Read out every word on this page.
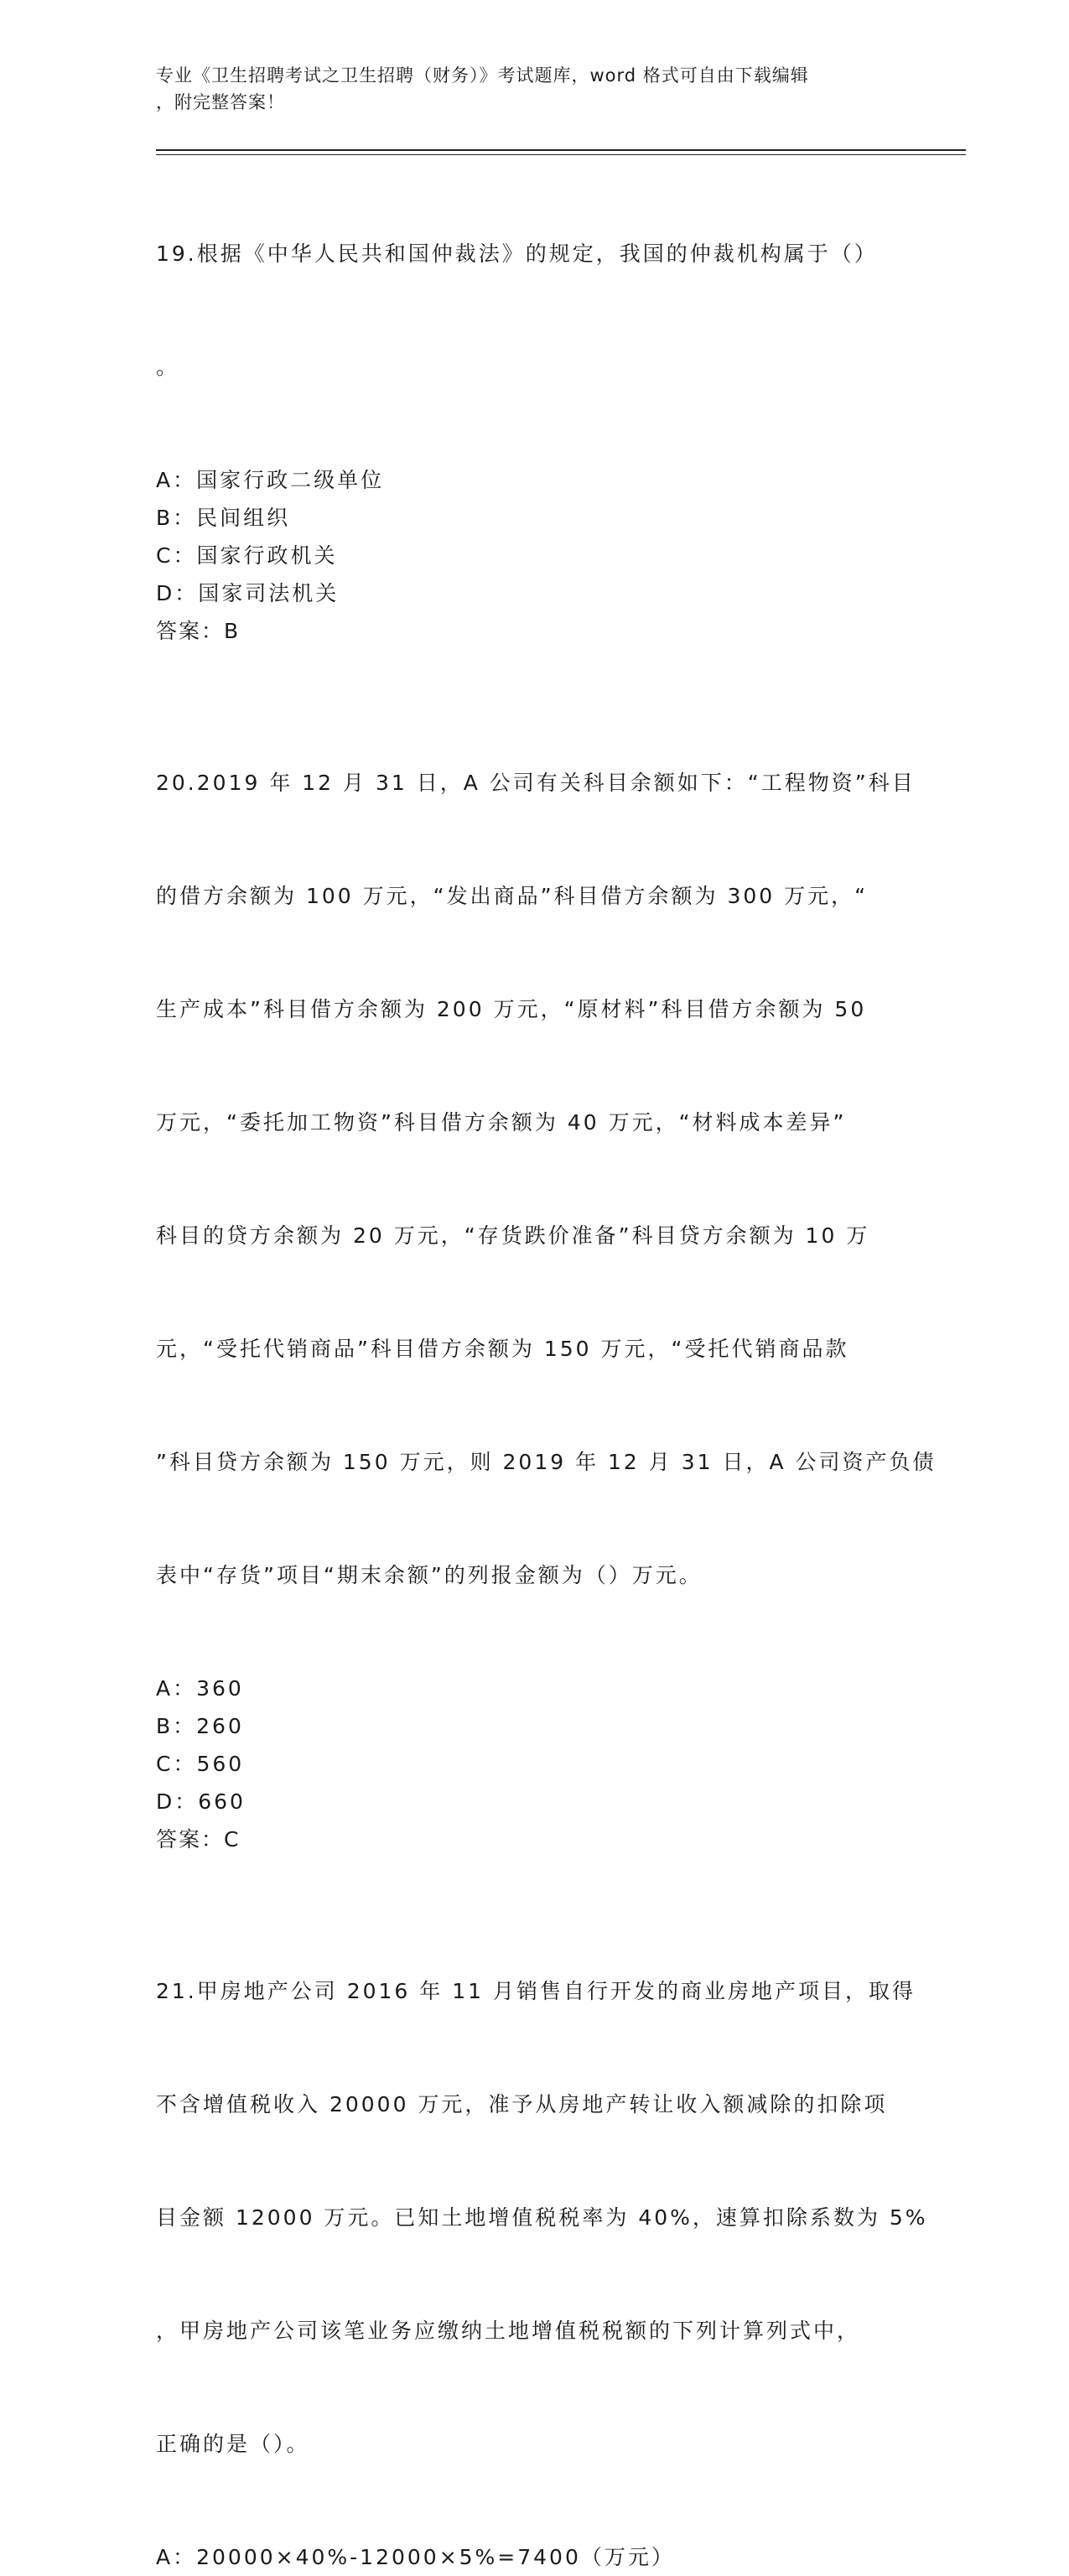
专业《卫生招聘考试之卫生招聘（财务）》考试题库，word 格式可自由下载编辑
，附完整答案！

19.根据《中华人民共和国仲裁法》的规定，我国的仲裁机构属于（）

。

A：国家行政二级单位
B：民间组织
C：国家行政机关
D：国家司法机关
答案：B

20.2019 年 12 月 31 日，A 公司有关科目余额如下：“工程物资”科目

的借方余额为 100 万元，“发出商品”科目借方余额为 300 万元，“

生产成本”科目借方余额为 200 万元，“原材料”科目借方余额为 50

万元，“委托加工物资”科目借方余额为 40 万元，“材料成本差异”

科目的贷方余额为 20 万元，“存货跌价准备”科目贷方余额为 10 万

元，“受托代销商品”科目借方余额为 150 万元，“受托代销商品款

”科目贷方余额为 150 万元，则 2019 年 12 月 31 日，A 公司资产负债

表中“存货”项目“期末余额”的列报金额为（）万元。

A：360
B：260
C：560
D：660
答案：C

21.甲房地产公司 2016 年 11 月销售自行开发的商业房地产项目，取得

不含增值税收入 20000 万元，准予从房地产转让收入额减除的扣除项

目金额 12000 万元。已知土地增值税税率为 40%，速算扣除系数为 5%

，甲房地产公司该笔业务应缴纳土地增值税税额的下列计算列式中，

正确的是（）。

A：20000×40%-12000×5%=7400（万元）
